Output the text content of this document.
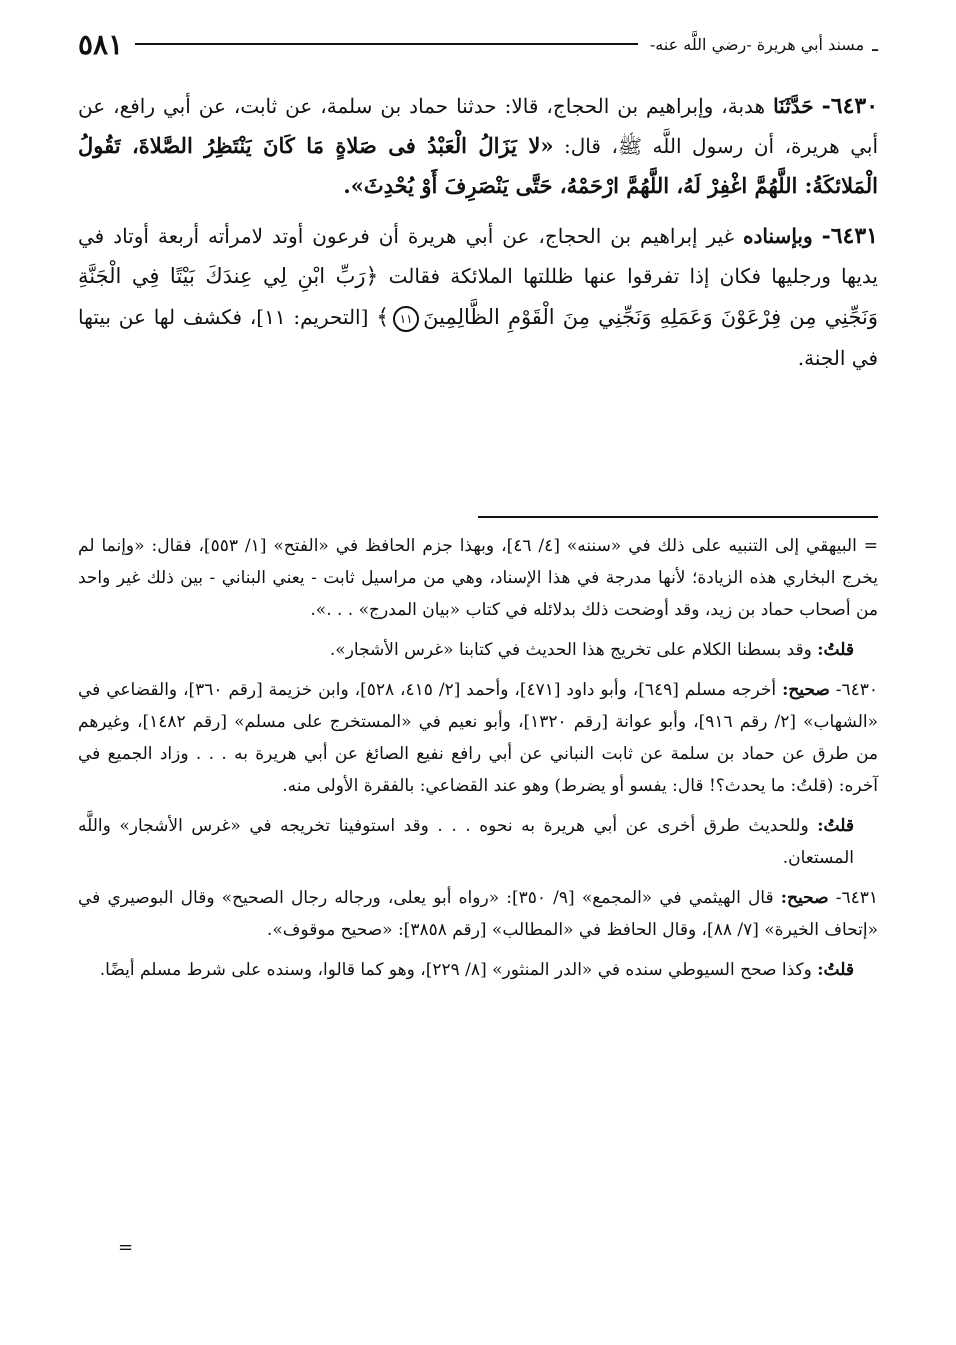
ـ
مسند أبي هريرة -رضي اللَّه عنه-
٥٨١

٦٤٣٠- حَدَّثَنَا هدبة، وإبراهيم بن الحجاج، قالا: حدثنا حماد بن سلمة، عن ثابت، عن أبي رافع، عن أبي هريرة، أن رسول اللَّه ﷺ، قال: «لا يَزَالُ الْعَبْدُ فى صَلاةٍ مَا كَانَ يَنْتَظِرُ الصَّلاةَ، تَقُولُ الْمَلائكَةُ: اللَّهُمَّ اغْفِرْ لَهُ، اللَّهُمَّ ارْحَمْهُ، حَتَّى يَنْصَرِفَ أَوْ يُحْدِثَ».

٦٤٣١- وبإسناده غير إبراهيم بن الحجاج، عن أبي هريرة أن فرعون أوتد لامرأته أربعة أوتاد في يديها ورجليها فكان إذا تفرقوا عنها ظللتها الملائكة فقالت ﴿رَبِّ ابْنِ لِي عِندَكَ بَيْتًا فِي الْجَنَّةِ وَنَجِّنِي مِن فِرْعَوْنَ وَعَمَلِهِ وَنَجِّنِي مِنَ الْقَوْمِ الظَّالِمِينَ١١﴾ [التحريم: ١١]، فكشف لها عن بيتها في الجنة.

= البيهقي إلى التنبيه على ذلك في «سننه» [٤/ ٤٦]، وبهذا جزم الحافظ في «الفتح» [١/ ٥٥٣]، فقال: «وإنما لم يخرج البخاري هذه الزيادة؛ لأنها مدرجة في هذا الإسناد، وهي من مراسيل ثابت - يعني البناني - بين ذلك غير واحد من أصحاب حماد بن زيد، وقد أوضحت ذلك بدلائله في كتاب «بيان المدرج» . . .».

قلتُ: وقد بسطنا الكلام على تخريج هذا الحديث في كتابنا «غرس الأشجار».

٦٤٣٠- صحيح: أخرجه مسلم [٦٤٩]، وأبو داود [٤٧١]، وأحمد [٢/ ٤١٥، ٥٢٨]، وابن خزيمة [رقم ٣٦٠]، والقضاعي في «الشهاب» [٢/ رقم ٩١٦]، وأبو عوانة [رقم ١٣٢٠]، وأبو نعيم في «المستخرج على مسلم» [رقم ١٤٨٢]، وغيرهم من طرق عن حماد بن سلمة عن ثابت النباني عن أبي رافع نفيع الصائغ عن أبي هريرة به . . . وزاد الجميع في آخره: (قلتُ: ما يحدث؟! قال: يفسو أو يضرط) وهو عند القضاعي: بالفقرة الأولى منه.

قلتُ: وللحديث طرق أخرى عن أبي هريرة به نحوه . . . وقد استوفينا تخريجه في «غرس الأشجار» واللَّه المستعان.

٦٤٣١- صحيح: قال الهيثمي في «المجمع» [٩/ ٣٥٠]: «رواه أبو يعلى، ورجاله رجال الصحيح» وقال البوصيري في «إتحاف الخيرة» [٧/ ٨٨]، وقال الحافظ في «المطالب» [رقم ٣٨٥٨]: «صحيح موقوف».

قلتُ: وكذا صحح السيوطي سنده في «الدر المنثور» [٨/ ٢٢٩]، وهو كما قالوا، وسنده على شرط مسلم أيضًا.

=
